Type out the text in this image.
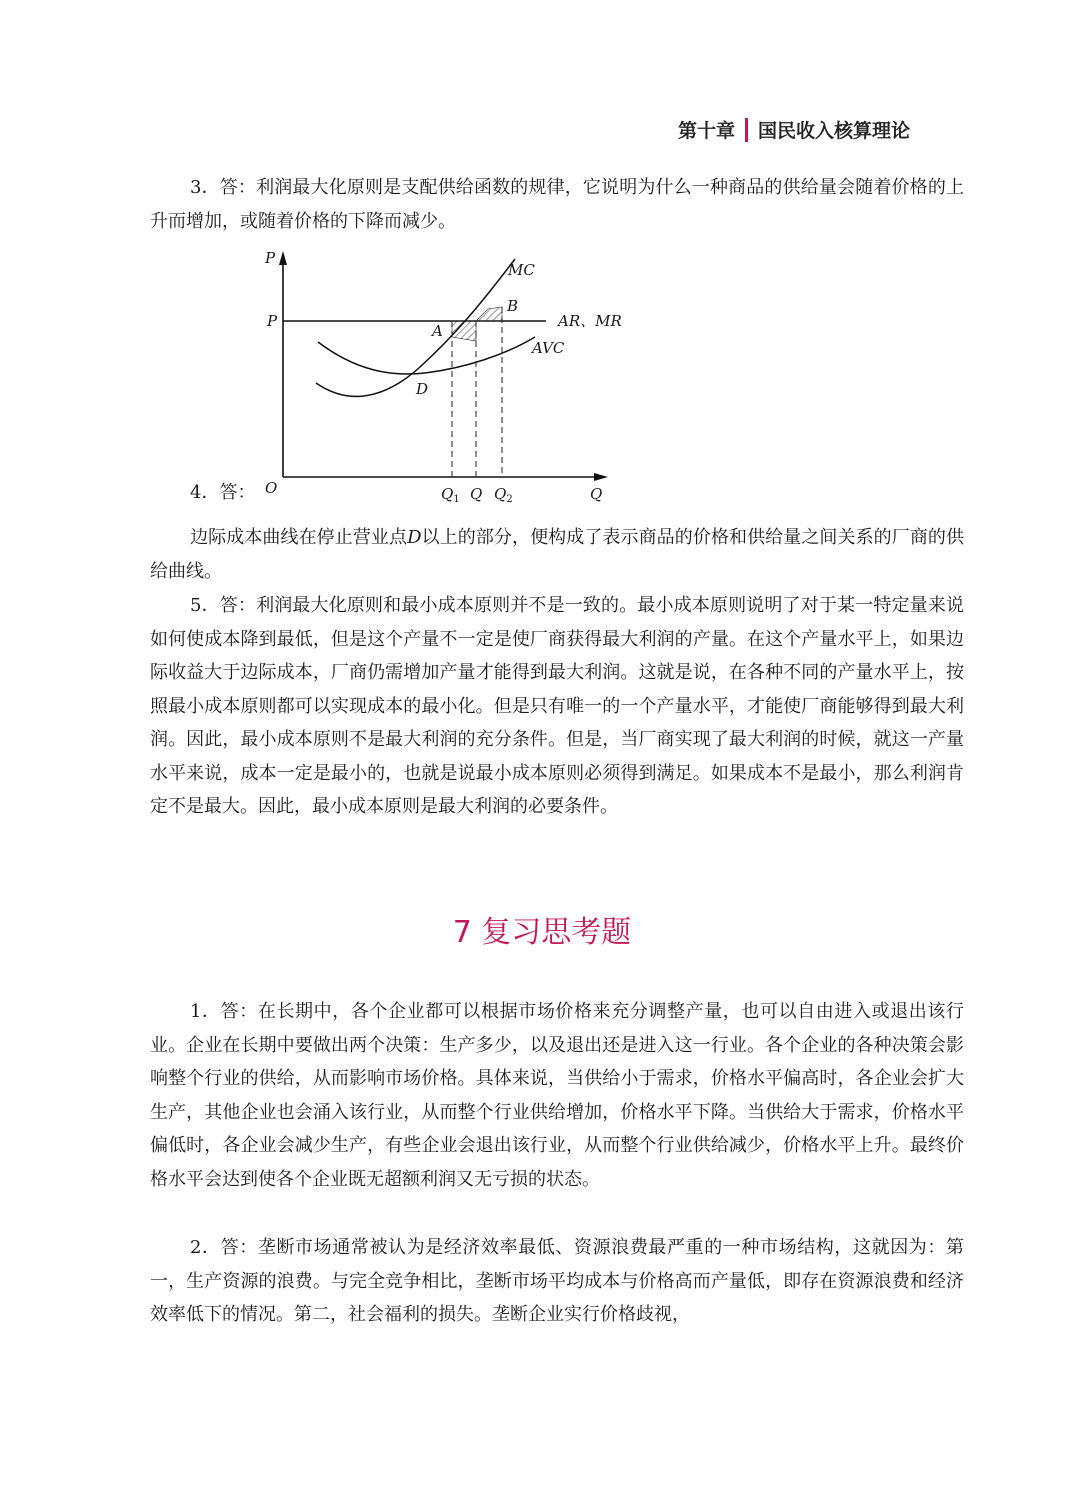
第十章 国民收入核算理论

3．答：利润最大化原则是支配供给函数的规律，它说明为什么一种商品的供给量会随着价格的上升而增加，或随着价格的下降而减少。

P
P
O
MC
B
AR、MR
A
AVC
D
$Q_1$ Q $Q_2$	Q
4．答：

边际成本曲线在停止营业点D以上的部分，便构成了表示商品的价格和供给量之间关系的厂商的供给曲线。

5．答：利润最大化原则和最小成本原则并不是一致的。最小成本原则说明了对于某一特定量来说如何使成本降到最低，但是这个产量不一定是使厂商获得最大利润的产量。在这个产量水平上，如果边际收益大于边际成本，厂商仍需增加产量才能得到最大利润。这就是说，在各种不同的产量水平上，按照最小成本原则都可以实现成本的最小化。但是只有唯一的一个产量水平，才能使厂商能够得到最大利润。因此，最小成本原则不是最大利润的充分条件。但是，当厂商实现了最大利润的时候，就这一产量水平来说，成本一定是最小的，也就是说最小成本原则必须得到满足。如果成本不是最小，那么利润肯定不是最大。因此，最小成本原则是最大利润的必要条件。

7 复习思考题

1．答：在长期中，各个企业都可以根据市场价格来充分调整产量，也可以自由进入或退出该行业。企业在长期中要做出两个决策：生产多少，以及退出还是进入这一行业。各个企业的各种决策会影响整个行业的供给，从而影响市场价格。具体来说，当供给小于需求，价格水平偏高时，各企业会扩大生产，其他企业也会涌入该行业，从而整个行业供给增加，价格水平下降。当供给大于需求，价格水平偏低时，各企业会减少生产，有些企业会退出该行业，从而整个行业供给减少，价格水平上升。最终价格水平会达到使各个企业既无超额利润又无亏损的状态。

2．答：垄断市场通常被认为是经济效率最低、资源浪费最严重的一种市场结构，这就因为：第一，生产资源的浪费。与完全竞争相比，垄断市场平均成本与价格高而产量低，即存在资源浪费和经济效率低下的情况。第二，社会福利的损失。垄断企业实行价格歧视，
